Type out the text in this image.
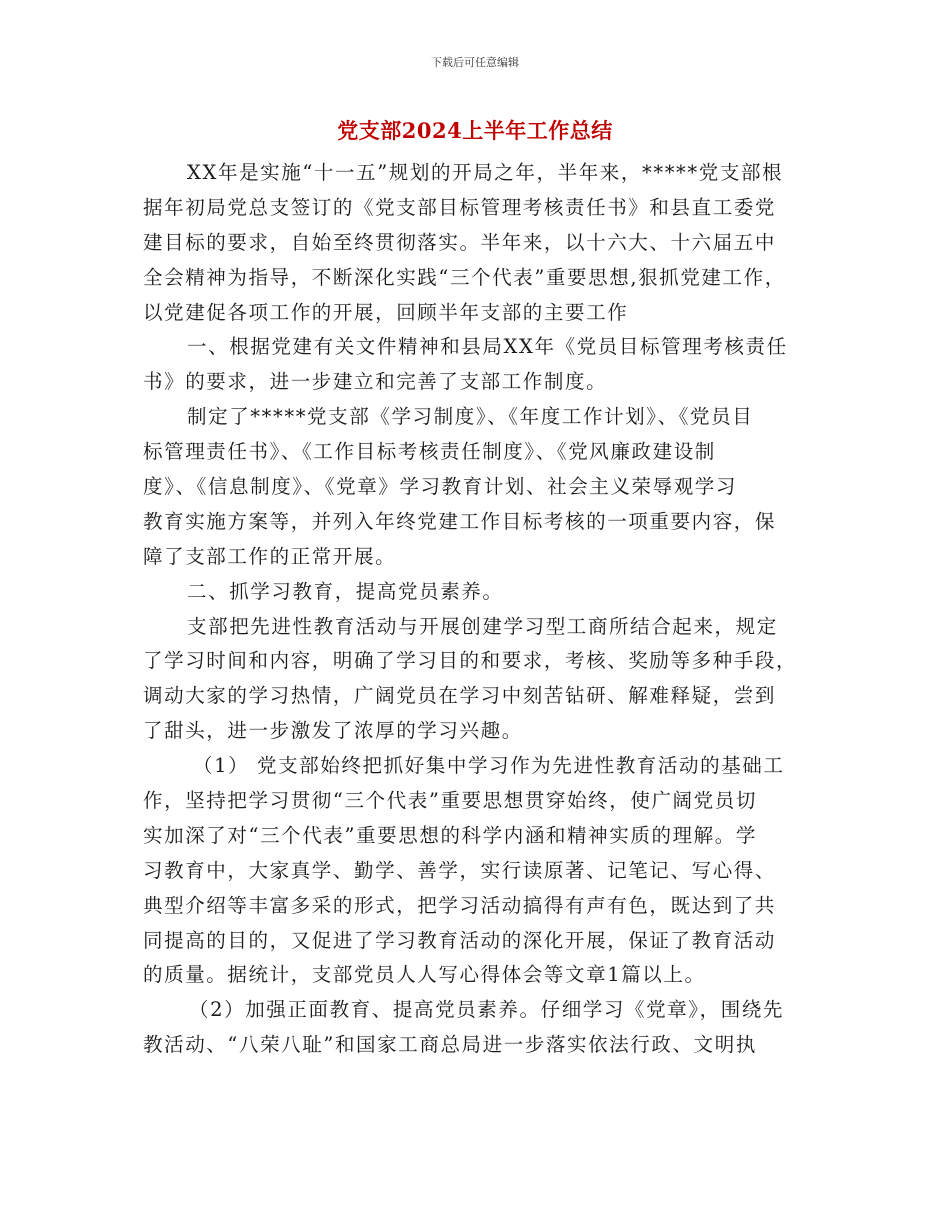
下载后可任意编辑
党支部2024上半年工作总结
XX年是实施“十一五”规划的开局之年，半年来，*****党支部根
据年初局党总支签订的《党支部目标管理考核责任书》和县直工委党
建目标的要求，自始至终贯彻落实。半年来，以十六大、十六届五中
全会精神为指导，不断深化实践“三个代表”重要思想,狠抓党建工作，
以党建促各项工作的开展，回顾半年支部的主要工作
一、根据党建有关文件精神和县局XX年《党员目标管理考核责任
书》的要求，进一步建立和完善了支部工作制度。
制定了*****党支部《学习制度》、《年度工作计划》、《党员目
标管理责任书》、《工作目标考核责任制度》、《党风廉政建设制
度》、《信息制度》、《党章》学习教育计划、社会主义荣辱观学习
教育实施方案等，并列入年终党建工作目标考核的一项重要内容，保
障了支部工作的正常开展。
二、抓学习教育，提高党员素养。
支部把先进性教育活动与开展创建学习型工商所结合起来，规定
了学习时间和内容，明确了学习目的和要求，考核、奖励等多种手段，
调动大家的学习热情，广阔党员在学习中刻苦钻研、解难释疑，尝到
了甜头，进一步激发了浓厚的学习兴趣。
（1） 党支部始终把抓好集中学习作为先进性教育活动的基础工
作，坚持把学习贯彻“三个代表”重要思想贯穿始终，使广阔党员切
实加深了对“三个代表”重要思想的科学内涵和精神实质的理解。学
习教育中，大家真学、勤学、善学，实行读原著、记笔记、写心得、
典型介绍等丰富多采的形式，把学习活动搞得有声有色，既达到了共
同提高的目的，又促进了学习教育活动的深化开展，保证了教育活动
的质量。据统计，支部党员人人写心得体会等文章1篇以上。
（2）加强正面教育、提高党员素养。仔细学习《党章》，围绕先
教活动、“八荣八耻”和国家工商总局进一步落实依法行政、文明执
